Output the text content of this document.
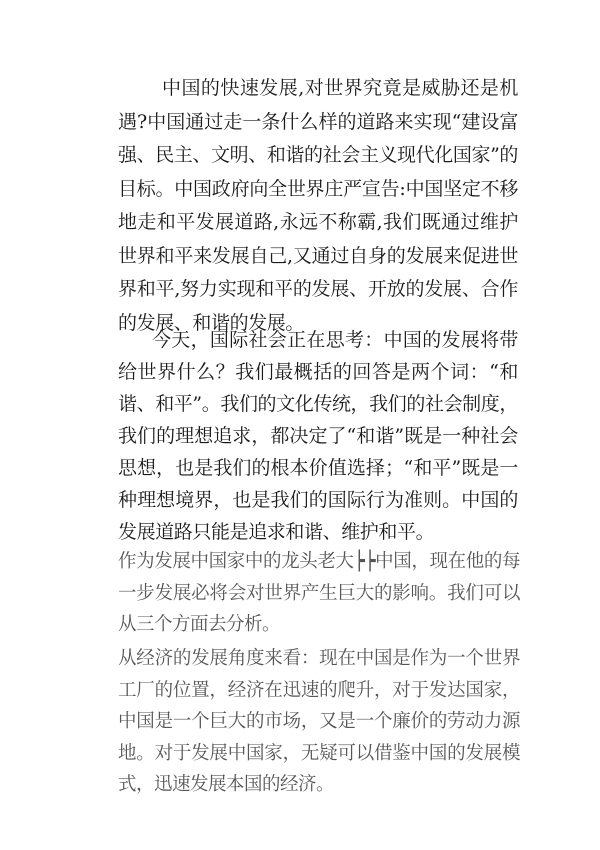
中国的快速发展,对世界究竟是威胁还是机遇?中国通过走一条什么样的道路来实现“建设富强、民主、文明、和谐的社会主义现代化国家”的目标。中国政府向全世界庄严宣告:中国坚定不移地走和平发展道路,永远不称霸,我们既通过维护世界和平来发展自己,又通过自身的发展来促进世界和平,努力实现和平的发展、开放的发展、合作的发展、和谐的发展。

今天，国际社会正在思考：中国的发展将带给世界什么？我们最概括的回答是两个词：“和谐、和平”。我们的文化传统，我们的社会制度，我们的理想追求，都决定了“和谐”既是一种社会思想，也是我们的根本价值选择；“和平”既是一种理想境界，也是我们的国际行为准则。中国的发展道路只能是追求和谐、维护和平。

作为发展中国家中的龙头老大┝┝中国，现在他的每一步发展必将会对世界产生巨大的影响。我们可以从三个方面去分析。

从经济的发展角度来看：现在中国是作为一个世界工厂的位置，经济在迅速的爬升，对于发达国家，中国是一个巨大的市场，又是一个廉价的劳动力源地。对于发展中国家，无疑可以借鉴中国的发展模式，迅速发展本国的经济。
